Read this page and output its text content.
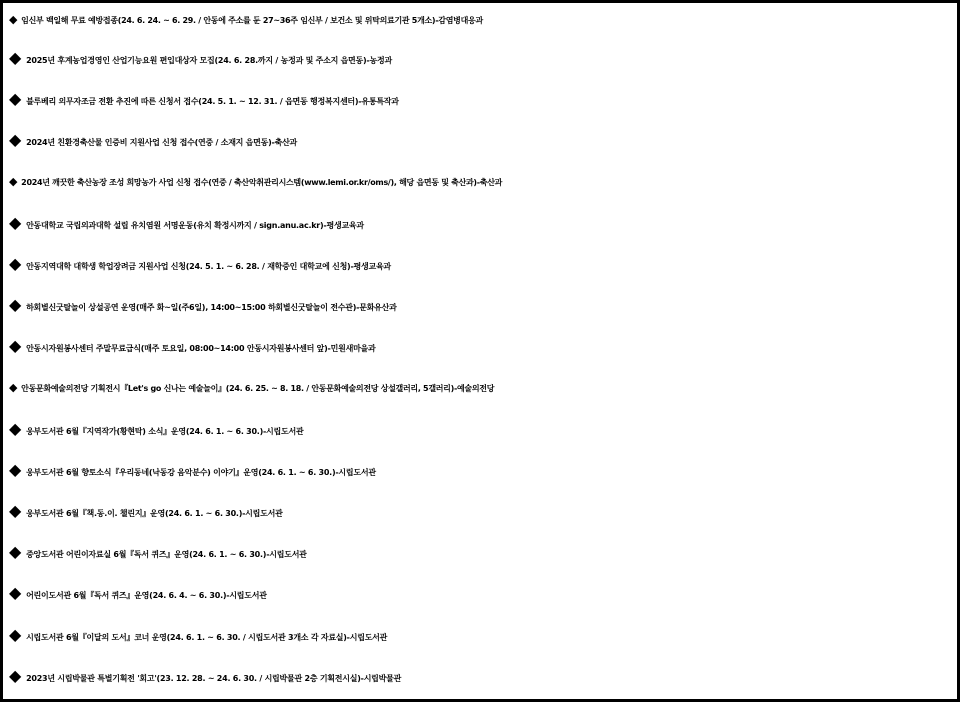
◆ 임신부 백일해 무료 예방접종(24. 6. 24. ~ 6. 29. / 안동에 주소를 둔 27~36주 임신부 / 보건소 및 위탁의료기관 5개소)-감염병대응과
◆ 2025년 후계농업경영인 산업기능요원 편입대상자 모집(24. 6. 28.까지 / 농정과 및 주소지 읍면동)-농정과
◆ 블루베리 의무자조금 전환 추진에 따른 신청서 접수(24. 5. 1. ~ 12. 31. / 읍면동 행정복지센터)-유통특작과
◆ 2024년 친환경축산물 인증비 지원사업 신청 접수(연중 / 소재지 읍면동)-축산과
◆ 2024년 깨끗한 축산농장 조성 희망농가 사업 신청 접수(연중 / 축산악취관리시스템(www.lemi.or.kr/oms/), 해당 읍면동 및 축산과)-축산과
◆ 안동대학교 국립의과대학 설립 유치염원 서명운동(유치 확정시까지 / sign.anu.ac.kr)-평생교육과
◆ 안동지역대학 대학생 학업장려금 지원사업 신청(24. 5. 1. ~ 6. 28. / 재학중인 대학교에 신청)-평생교육과
◆ 하회별신굿탈놀이 상설공연 운영(매주 화~일(주6일), 14:00~15:00 하회별신굿탈놀이 전수관)-문화유산과
◆ 안동시자원봉사센터 주말무료급식(매주 토요일, 08:00~14:00 안동시자원봉사센터 앞)-민원새마을과
◆ 안동문화예술의전당 기획전시『Let's go 신나는 예술놀이』(24. 6. 25. ~ 8. 18. / 안동문화예술의전당 상설갤러리, 5갤러리)-예술의전당
◆ 웅부도서관 6월『지역작가(황현탁) 소식』운영(24. 6. 1. ~ 6. 30.)-시립도서관
◆ 웅부도서관 6월 향토소식『우리동네(낙동강 음악분수) 이야기』운영(24. 6. 1. ~ 6. 30.)-시립도서관
◆ 웅부도서관 6월『책.동.이. 챌린지』운영(24. 6. 1. ~ 6. 30.)-시립도서관
◆ 중앙도서관 어린이자료실 6월『독서 퀴즈』운영(24. 6. 1. ~ 6. 30.)-시립도서관
◆ 어린이도서관 6월『독서 퀴즈』운영(24. 6. 4. ~ 6. 30.)-시립도서관
◆ 시립도서관 6월『이달의 도서』코너 운영(24. 6. 1. ~ 6. 30. / 시립도서관 3개소 각 자료실)-시립도서관
◆ 2023년 시립박물관 특별기획전 '회고'(23. 12. 28. ~ 24. 6. 30. / 시립박물관 2층 기획전시실)-시립박물관
